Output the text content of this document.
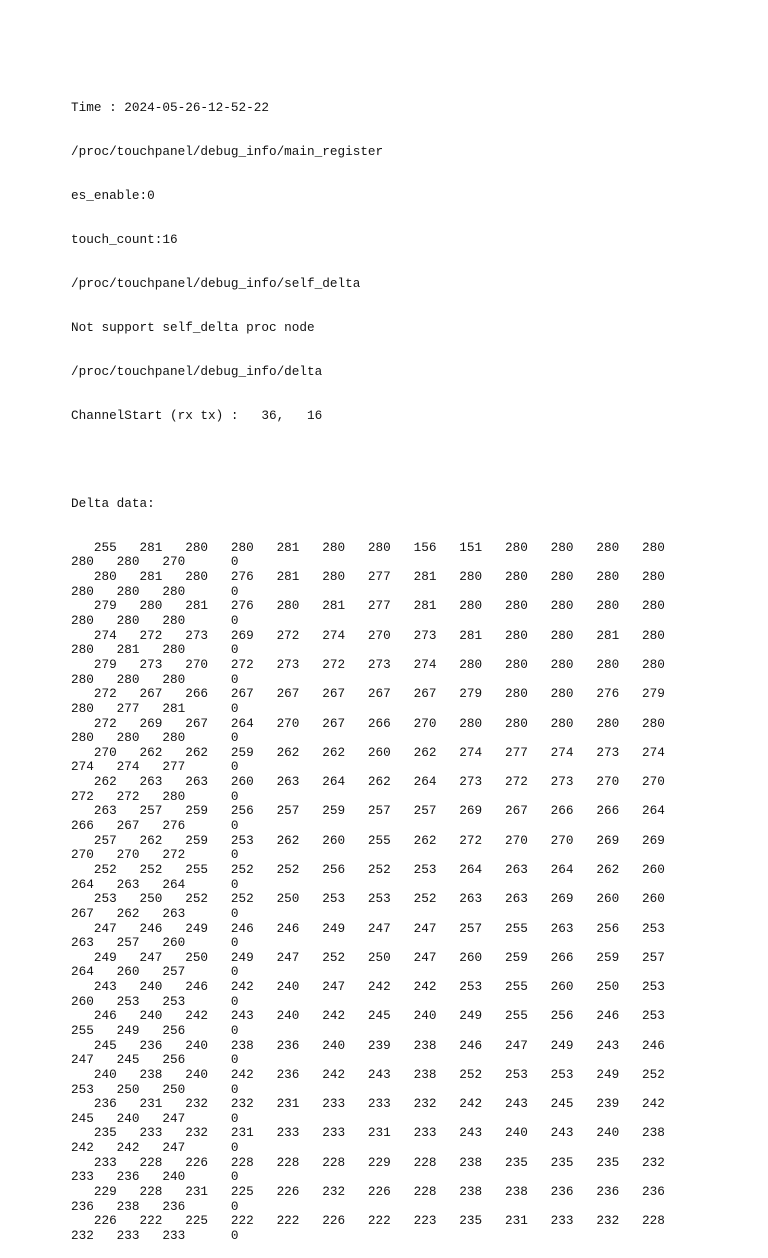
Time : 2024-05-26-12-52-22

/proc/touchpanel/debug_info/main_register

es_enable:0

touch_count:16

/proc/touchpanel/debug_info/self_delta

Not support self_delta proc node

/proc/touchpanel/debug_info/delta

ChannelStart (rx tx) :   36,   16

Delta data:

255   281   280   280   281   280   280   156   151   280   280   280   280
280   280   270      0
280   281   280   276   281   280   277   281   280   280   280   280   280
280   280   280      0
279   280   281   276   280   281   277   281   280   280   280   280   280
280   280   280      0
274   272   273   269   272   274   270   273   281   280   280   281   280
280   281   280      0
279   273   270   272   273   272   273   274   280   280   280   280   280
280   280   280      0
272   267   266   267   267   267   267   267   279   280   280   276   279
280   277   281      0
272   269   267   264   270   267   266   270   280   280   280   280   280
280   280   280      0
270   262   262   259   262   262   260   262   274   277   274   273   274
274   274   277      0
262   263   263   260   263   264   262   264   273   272   273   270   270
272   272   280      0
263   257   259   256   257   259   257   257   269   267   266   266   264
266   267   276      0
257   262   259   253   262   260   255   262   272   270   270   269   269
270   270   272      0
252   252   255   252   252   256   252   253   264   263   264   262   260
264   263   264      0
253   250   252   252   250   253   253   252   263   263   269   260   260
267   262   263      0
247   246   249   246   246   249   247   247   257   255   263   256   253
263   257   260      0
249   247   250   249   247   252   250   247   260   259   266   259   257
264   260   257      0
243   240   246   242   240   247   242   242   253   255   260   250   253
260   253   253      0
246   240   242   243   240   242   245   240   249   255   256   246   253
255   249   256      0
245   236   240   238   236   240   239   238   246   247   249   243   246
247   245   256      0
240   238   240   242   236   242   243   238   252   253   253   249   252
253   250   250      0
236   231   232   232   231   233   233   232   242   243   245   239   242
245   240   247      0
235   233   232   231   233   233   231   233   243   240   243   240   238
242   242   247      0
233   228   226   228   228   228   229   228   238   235   235   235   232
233   236   240      0
229   228   231   225   226   232   226   228   238   238   236   236   236
236   238   236      0
226   222   225   222   222   226   222   223   235   231   233   232   228
232   233   233      0
